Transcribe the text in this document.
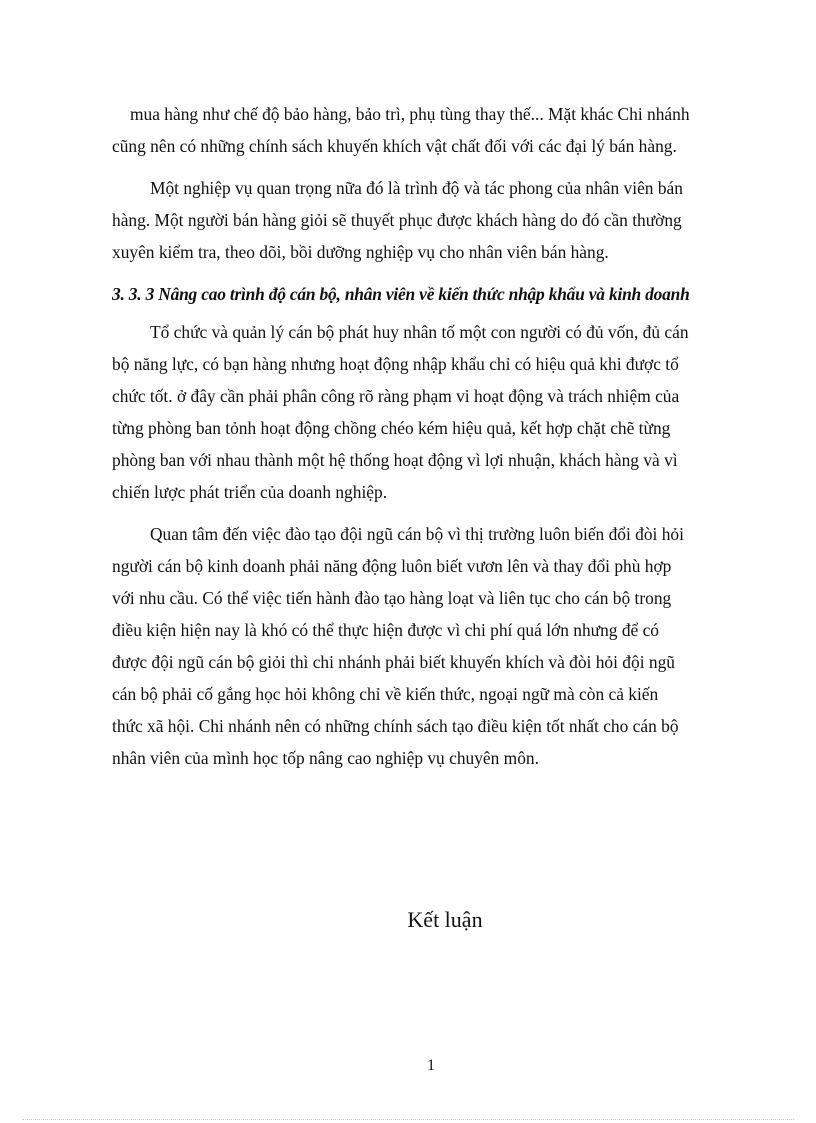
mua hàng như chế độ bảo hàng, bảo trì, phụ tùng thay thế... Mặt khác Chi nhánh
cũng nên có những chính sách khuyến khích vật chất đối với các đại lý bán hàng.
Một nghiệp vụ quan trọng nữa đó là trình độ và tác phong của nhân viên bán
hàng. Một người bán hàng giỏi sẽ thuyết phục được khách hàng do đó cần thường
xuyên kiểm tra, theo dõi, bồi dưỡng nghiệp vụ cho nhân viên bán hàng.
3. 3. 3 Nâng cao trình độ cán bộ, nhân viên về kiến thức nhập khẩu và kinh doanh
Tổ chức và quản lý cán bộ phát huy nhân tố một con người có đủ vốn, đủ cán
bộ năng lực, có bạn hàng nhưng hoạt động nhập khẩu chỉ có hiệu quả khi được tổ
chức tốt. ở đây cần phải phân công rõ ràng phạm vi hoạt động và trách nhiệm của
từng phòng ban tỏnh hoạt động chồng chéo kém hiệu quả, kết hợp chặt chẽ từng
phòng ban với nhau thành một hệ thống hoạt động vì lợi nhuận, khách hàng và vì
chiến lược phát triển của doanh nghiệp.
Quan tâm đến việc đào tạo đội ngũ cán bộ vì thị trường luôn biến đổi đòi hỏi
người cán bộ kinh doanh phải năng động luôn biết vươn lên và thay đổi phù hợp
với nhu cầu. Có thể việc tiến hành đào tạo hàng loạt và liên tục cho cán bộ trong
điều kiện hiện nay là khó có thể thực hiện được vì chi phí quá lớn nhưng để có
được đội ngũ cán bộ giỏi thì chi nhánh phải biết khuyến khích và đòi hỏi đội ngũ
cán bộ phải cố gắng học hỏi không chỉ về kiến thức, ngoại ngữ mà còn cả kiến
thức xã hội. Chi nhánh nên có những chính sách tạo điều kiện tốt nhất cho cán bộ
nhân viên của mình học tốp nâng cao nghiệp vụ chuyên môn.
Kết luận
1
